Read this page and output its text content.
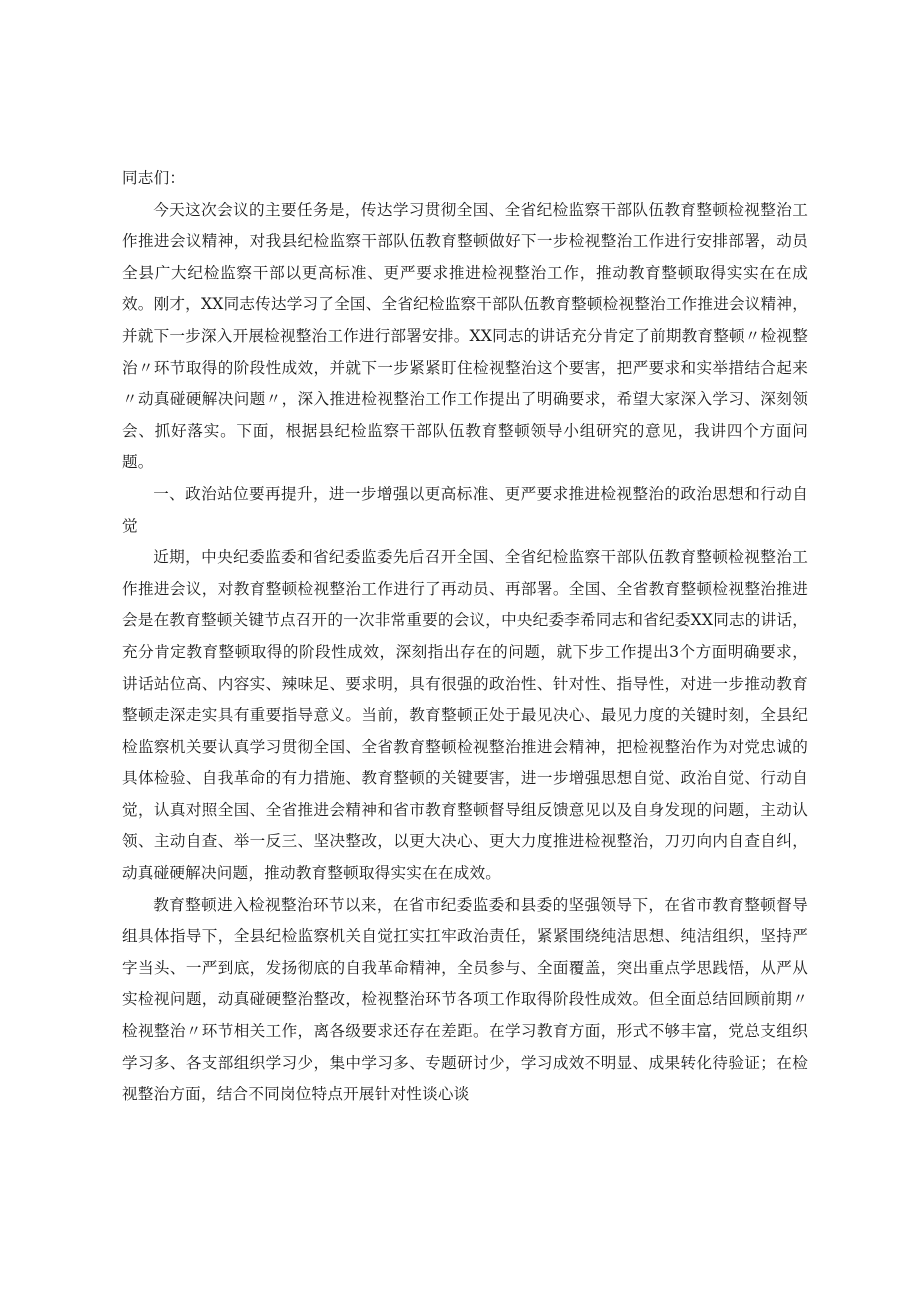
同志们：

今天这次会议的主要任务是，传达学习贯彻全国、全省纪检监察干部队伍教育整顿检视整治工作推进会议精神，对我县纪检监察干部队伍教育整顿做好下一步检视整治工作进行安排部署，动员全县广大纪检监察干部以更高标准、更严要求推进检视整治工作，推动教育整顿取得实实在在成效。刚才，XX同志传达学习了全国、全省纪检监察干部队伍教育整顿检视整治工作推进会议精神，并就下一步深入开展检视整治工作进行部署安排。XX同志的讲话充分肯定了前期教育整顿〃检视整治〃环节取得的阶段性成效，并就下一步紧紧盯住检视整治这个要害，把严要求和实举措结合起来〃动真碰硬解决问题〃，深入推进检视整治工作工作提出了明确要求，希望大家深入学习、深刻领会、抓好落实。下面，根据县纪检监察干部队伍教育整顿领导小组研究的意见，我讲四个方面问题。

一、政治站位要再提升，进一步增强以更高标准、更严要求推进检视整治的政治思想和行动自觉

近期，中央纪委监委和省纪委监委先后召开全国、全省纪检监察干部队伍教育整顿检视整治工作推进会议，对教育整顿检视整治工作进行了再动员、再部署。全国、全省教育整顿检视整治推进会是在教育整顿关键节点召开的一次非常重要的会议，中央纪委李希同志和省纪委XX同志的讲话，充分肯定教育整顿取得的阶段性成效，深刻指出存在的问题，就下步工作提出3个方面明确要求，讲话站位高、内容实、辣味足、要求明，具有很强的政治性、针对性、指导性，对进一步推动教育整顿走深走实具有重要指导意义。当前，教育整顿正处于最见决心、最见力度的关键时刻，全县纪检监察机关要认真学习贯彻全国、全省教育整顿检视整治推进会精神，把检视整治作为对党忠诚的具体检验、自我革命的有力措施、教育整顿的关键要害，进一步增强思想自觉、政治自觉、行动自觉，认真对照全国、全省推进会精神和省市教育整顿督导组反馈意见以及自身发现的问题，主动认领、主动自查、举一反三、坚决整改，以更大决心、更大力度推进检视整治，刀刃向内自查自纠，动真碰硬解决问题，推动教育整顿取得实实在在成效。

教育整顿进入检视整治环节以来，在省市纪委监委和县委的坚强领导下，在省市教育整顿督导组具体指导下，全县纪检监察机关自觉扛实扛牢政治责任，紧紧围绕纯洁思想、纯洁组织，坚持严字当头、一严到底，发扬彻底的自我革命精神，全员参与、全面覆盖，突出重点学思践悟，从严从实检视问题，动真碰硬整治整改，检视整治环节各项工作取得阶段性成效。但全面总结回顾前期〃检视整治〃环节相关工作，离各级要求还存在差距。在学习教育方面，形式不够丰富，党总支组织学习多、各支部组织学习少，集中学习多、专题研讨少，学习成效不明显、成果转化待验证；在检视整治方面，结合不同岗位特点开展针对性谈心谈
